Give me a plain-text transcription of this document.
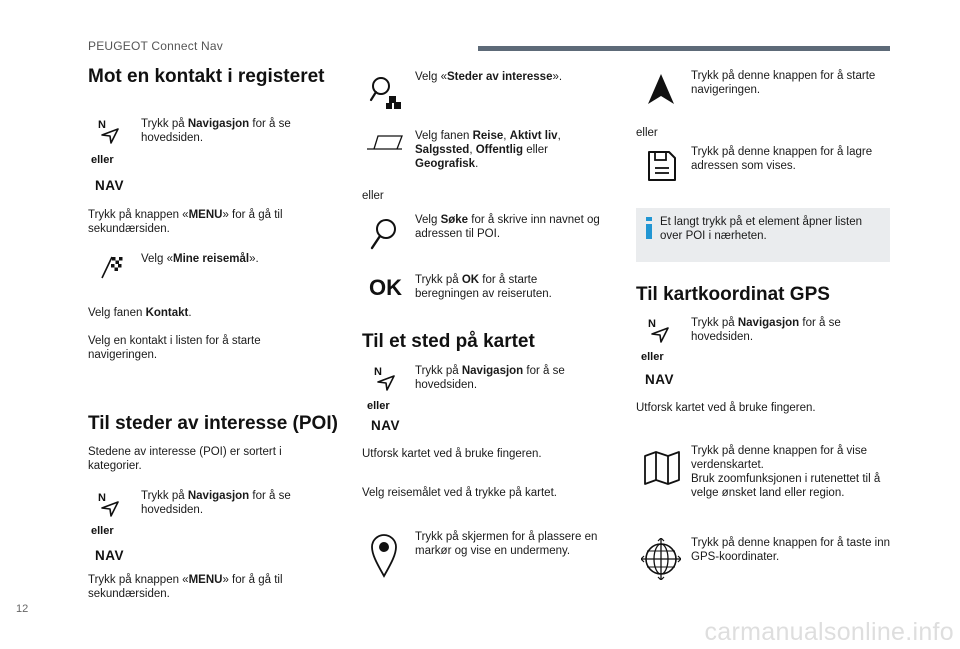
PEUGEOT Connect Nav
Mot en kontakt i registeret
N
eller
NAV
Trykk på Navigasjon for å se hovedsiden.
Trykk på knappen «MENU» for å gå til sekundærsiden.
Velg «Mine reisemål».
Velg fanen Kontakt.
Velg en kontakt i listen for å starte navigeringen.
Til steder av interesse (POI)
Stedene av interesse (POI) er sortert i kategorier.
N
eller
NAV
Trykk på Navigasjon for å se hovedsiden.
Trykk på knappen «MENU» for å gå til sekundærsiden.
Velg «Steder av interesse».
Velg fanen Reise, Aktivt liv, Salgssted, Offentlig eller Geografisk.
eller
Velg Søke for å skrive inn navnet og adressen til POI.
OK Trykk på OK for å starte beregningen av reiseruten.
Til et sted på kartet
N
eller
NAV
Trykk på Navigasjon for å se hovedsiden.
Utforsk kartet ved å bruke fingeren.
Velg reisemålet ved å trykke på kartet.
Trykk på skjermen for å plassere en markør og vise en undermeny.
Trykk på denne knappen for å starte navigeringen.
eller
Trykk på denne knappen for å lagre adressen som vises.
Et langt trykk på et element åpner listen over POI i nærheten.
Til kartkoordinat GPS
N
eller
NAV
Trykk på Navigasjon for å se hovedsiden.
Utforsk kartet ved å bruke fingeren.
Trykk på denne knappen for å vise verdenskartet.
Bruk zoomfunksjonen i rutenettet til å velge ønsket land eller region.
Trykk på denne knappen for å taste inn GPS-koordinater.
12
carmanualsonline.info
